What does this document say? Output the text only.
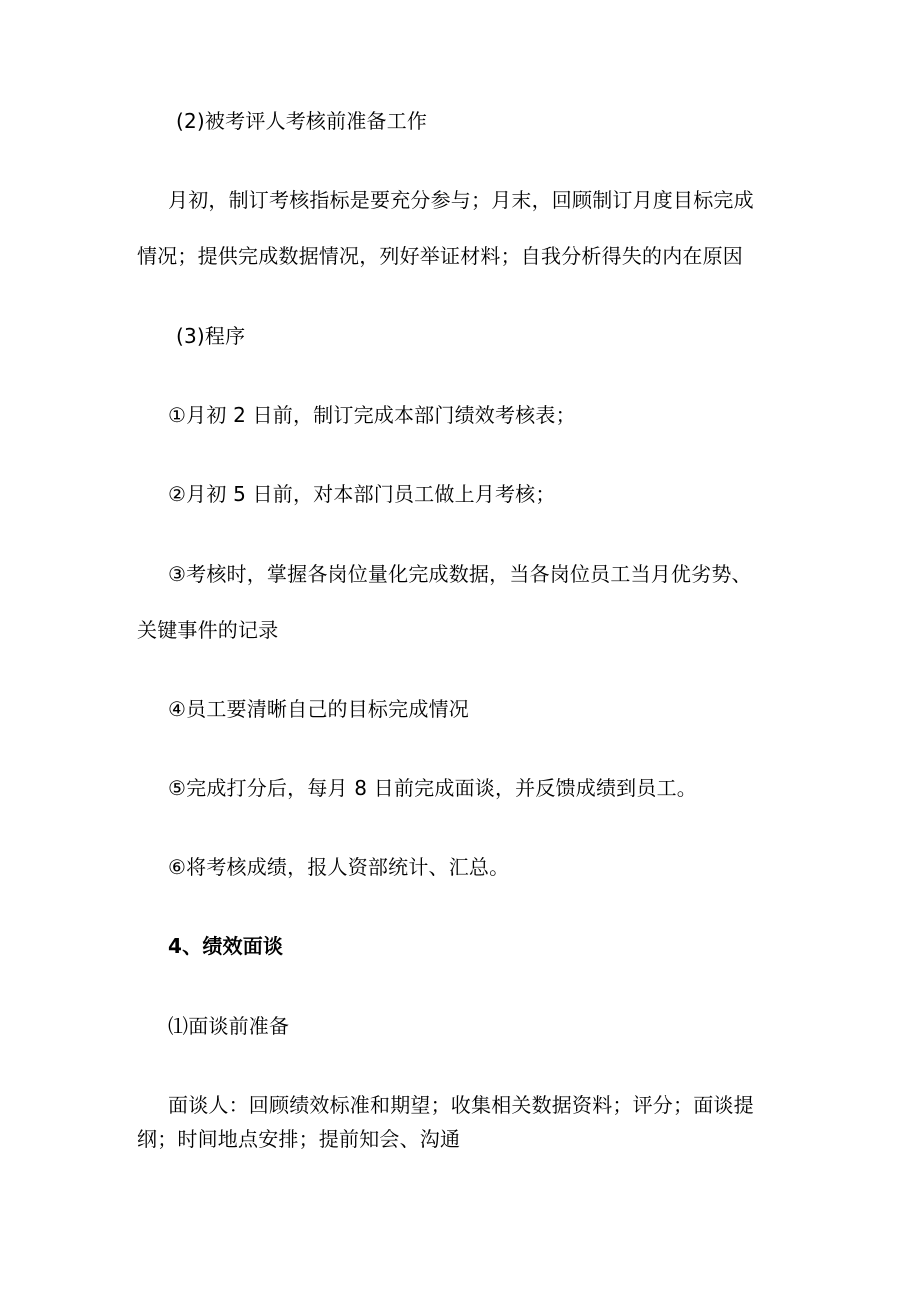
(2)被考评人考核前准备工作
月初，制订考核指标是要充分参与；月末，回顾制订月度目标完成
情况；提供完成数据情况，列好举证材料；自我分析得失的内在原因
(3)程序
①月初 2 日前，制订完成本部门绩效考核表；
②月初 5 日前，对本部门员工做上月考核；
③考核时，掌握各岗位量化完成数据，当各岗位员工当月优劣势、
关键事件的记录
④员工要清晰自己的目标完成情况
⑤完成打分后，每月 8 日前完成面谈，并反馈成绩到员工。
⑥将考核成绩，报人资部统计、汇总。
4、绩效面谈
⑴面谈前准备
面谈人：回顾绩效标准和期望；收集相关数据资料；评分；面谈提
纲；时间地点安排；提前知会、沟通
